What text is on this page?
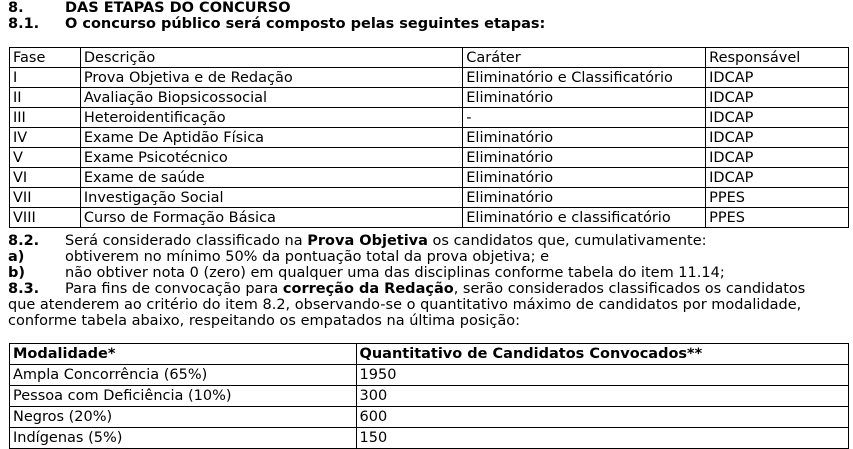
8.	DAS ETAPAS DO CONCURSO
8.1. O concurso público será composto pelas seguintes etapas:
Fase	Descrição	Caráter	Responsável
I	Prova Objetiva e de Redação	Eliminatório e Classificatório	IDCAP
II	Avaliação Biopsicossocial	Eliminatório	IDCAP
III	Heteroidentificação	-	IDCAP
IV	Exame De Aptidão Física	Eliminatório	IDCAP
V	Exame Psicotécnico	Eliminatório	IDCAP
VI	Exame de saúde	Eliminatório	IDCAP
VII	Investigação Social	Eliminatório	PPES
VIII	Curso de Formação Básica	Eliminatório e classificatório	PPES
8.2. Será considerado classificado na Prova Objetiva os candidatos que, cumulativamente:
a)	obtiverem no mínimo 50% da pontuação total da prova objetiva; e
b)	não obtiver nota 0 (zero) em qualquer uma das disciplinas conforme tabela do item 11.14;
8.3. Para fins de convocação para correção da Redação, serão considerados classificados os candidatos
que atenderem ao critério do item 8.2, observando-se o quantitativo máximo de candidatos por modalidade,
conforme tabela abaixo, respeitando os empatados na última posição:
Modalidade*	Quantitativo de Candidatos Convocados**
Ampla Concorrência (65%)	1950
Pessoa com Deficiência (10%)	300
Negros (20%)	600
Indígenas (5%)	150
